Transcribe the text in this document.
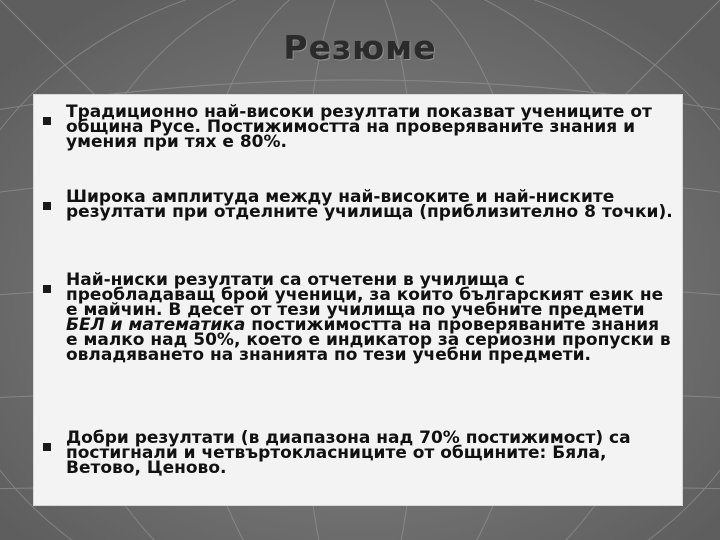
Резюме

Традиционно най-високи резултати показват учениците от община Русе. Постижимостта на проверяваните знания и умения при тях е 80%.

Широка амплитуда между най-високите и най-ниските резултати при отделните училища (приблизително 8 точки).

Най-ниски резултати са отчетени в училища с преобладаващ брой ученици, за които българският език не е майчин. В десет от тези училища по учебните предмети БЕЛ и математика постижимостта на проверяваните знания е малко над 50%, което е индикатор за сериозни пропуски в овладяването на знанията по тези учебни предмети.

Добри резултати (в диапазона над 70% постижимост) са постигнали и четвъртокласниците от общините: Бяла, Ветово, Ценово.
